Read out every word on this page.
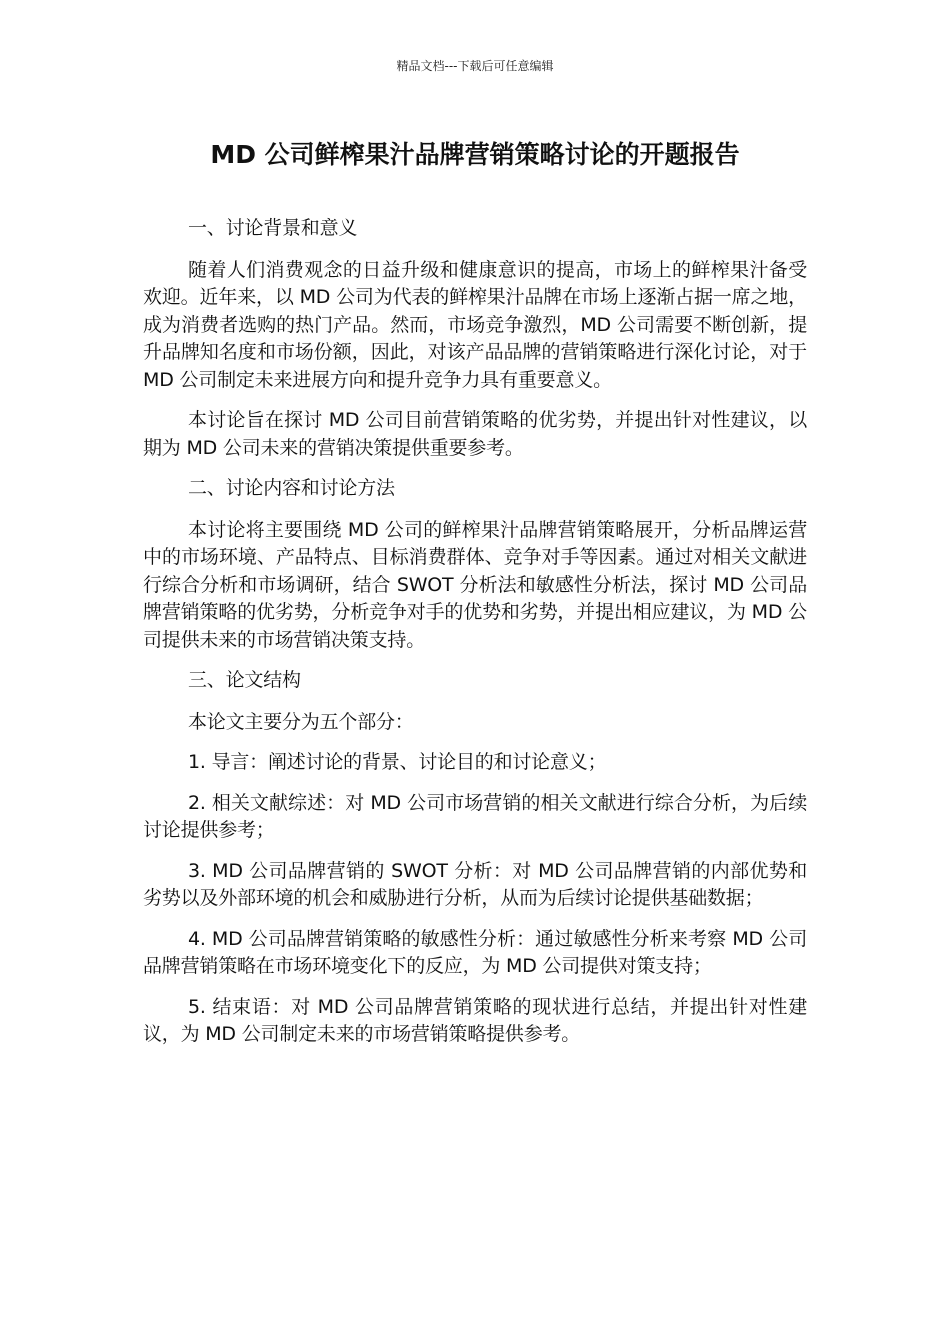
精品文档---下载后可任意编辑
MD 公司鲜榨果汁品牌营销策略讨论的开题报告

一、讨论背景和意义

随着人们消费观念的日益升级和健康意识的提高，市场上的鲜榨果汁备受欢迎。近年来，以 MD 公司为代表的鲜榨果汁品牌在市场上逐渐占据一席之地，成为消费者选购的热门产品。然而，市场竞争激烈，MD 公司需要不断创新，提升品牌知名度和市场份额，因此，对该产品品牌的营销策略进行深化讨论，对于 MD 公司制定未来进展方向和提升竞争力具有重要意义。

本讨论旨在探讨 MD 公司目前营销策略的优劣势，并提出针对性建议，以期为 MD 公司未来的营销决策提供重要参考。

二、讨论内容和讨论方法

本讨论将主要围绕 MD 公司的鲜榨果汁品牌营销策略展开，分析品牌运营中的市场环境、产品特点、目标消费群体、竞争对手等因素。通过对相关文献进行综合分析和市场调研，结合 SWOT 分析法和敏感性分析法，探讨 MD 公司品牌营销策略的优劣势，分析竞争对手的优势和劣势，并提出相应建议，为 MD 公司提供未来的市场营销决策支持。

三、论文结构

本论文主要分为五个部分：

1. 导言：阐述讨论的背景、讨论目的和讨论意义；

2. 相关文献综述：对 MD 公司市场营销的相关文献进行综合分析，为后续讨论提供参考；

3. MD 公司品牌营销的 SWOT 分析：对 MD 公司品牌营销的内部优势和劣势以及外部环境的机会和威胁进行分析，从而为后续讨论提供基础数据；

4. MD 公司品牌营销策略的敏感性分析：通过敏感性分析来考察 MD 公司品牌营销策略在市场环境变化下的反应，为 MD 公司提供对策支持；

5. 结束语：对 MD 公司品牌营销策略的现状进行总结，并提出针对性建议，为 MD 公司制定未来的市场营销策略提供参考。
